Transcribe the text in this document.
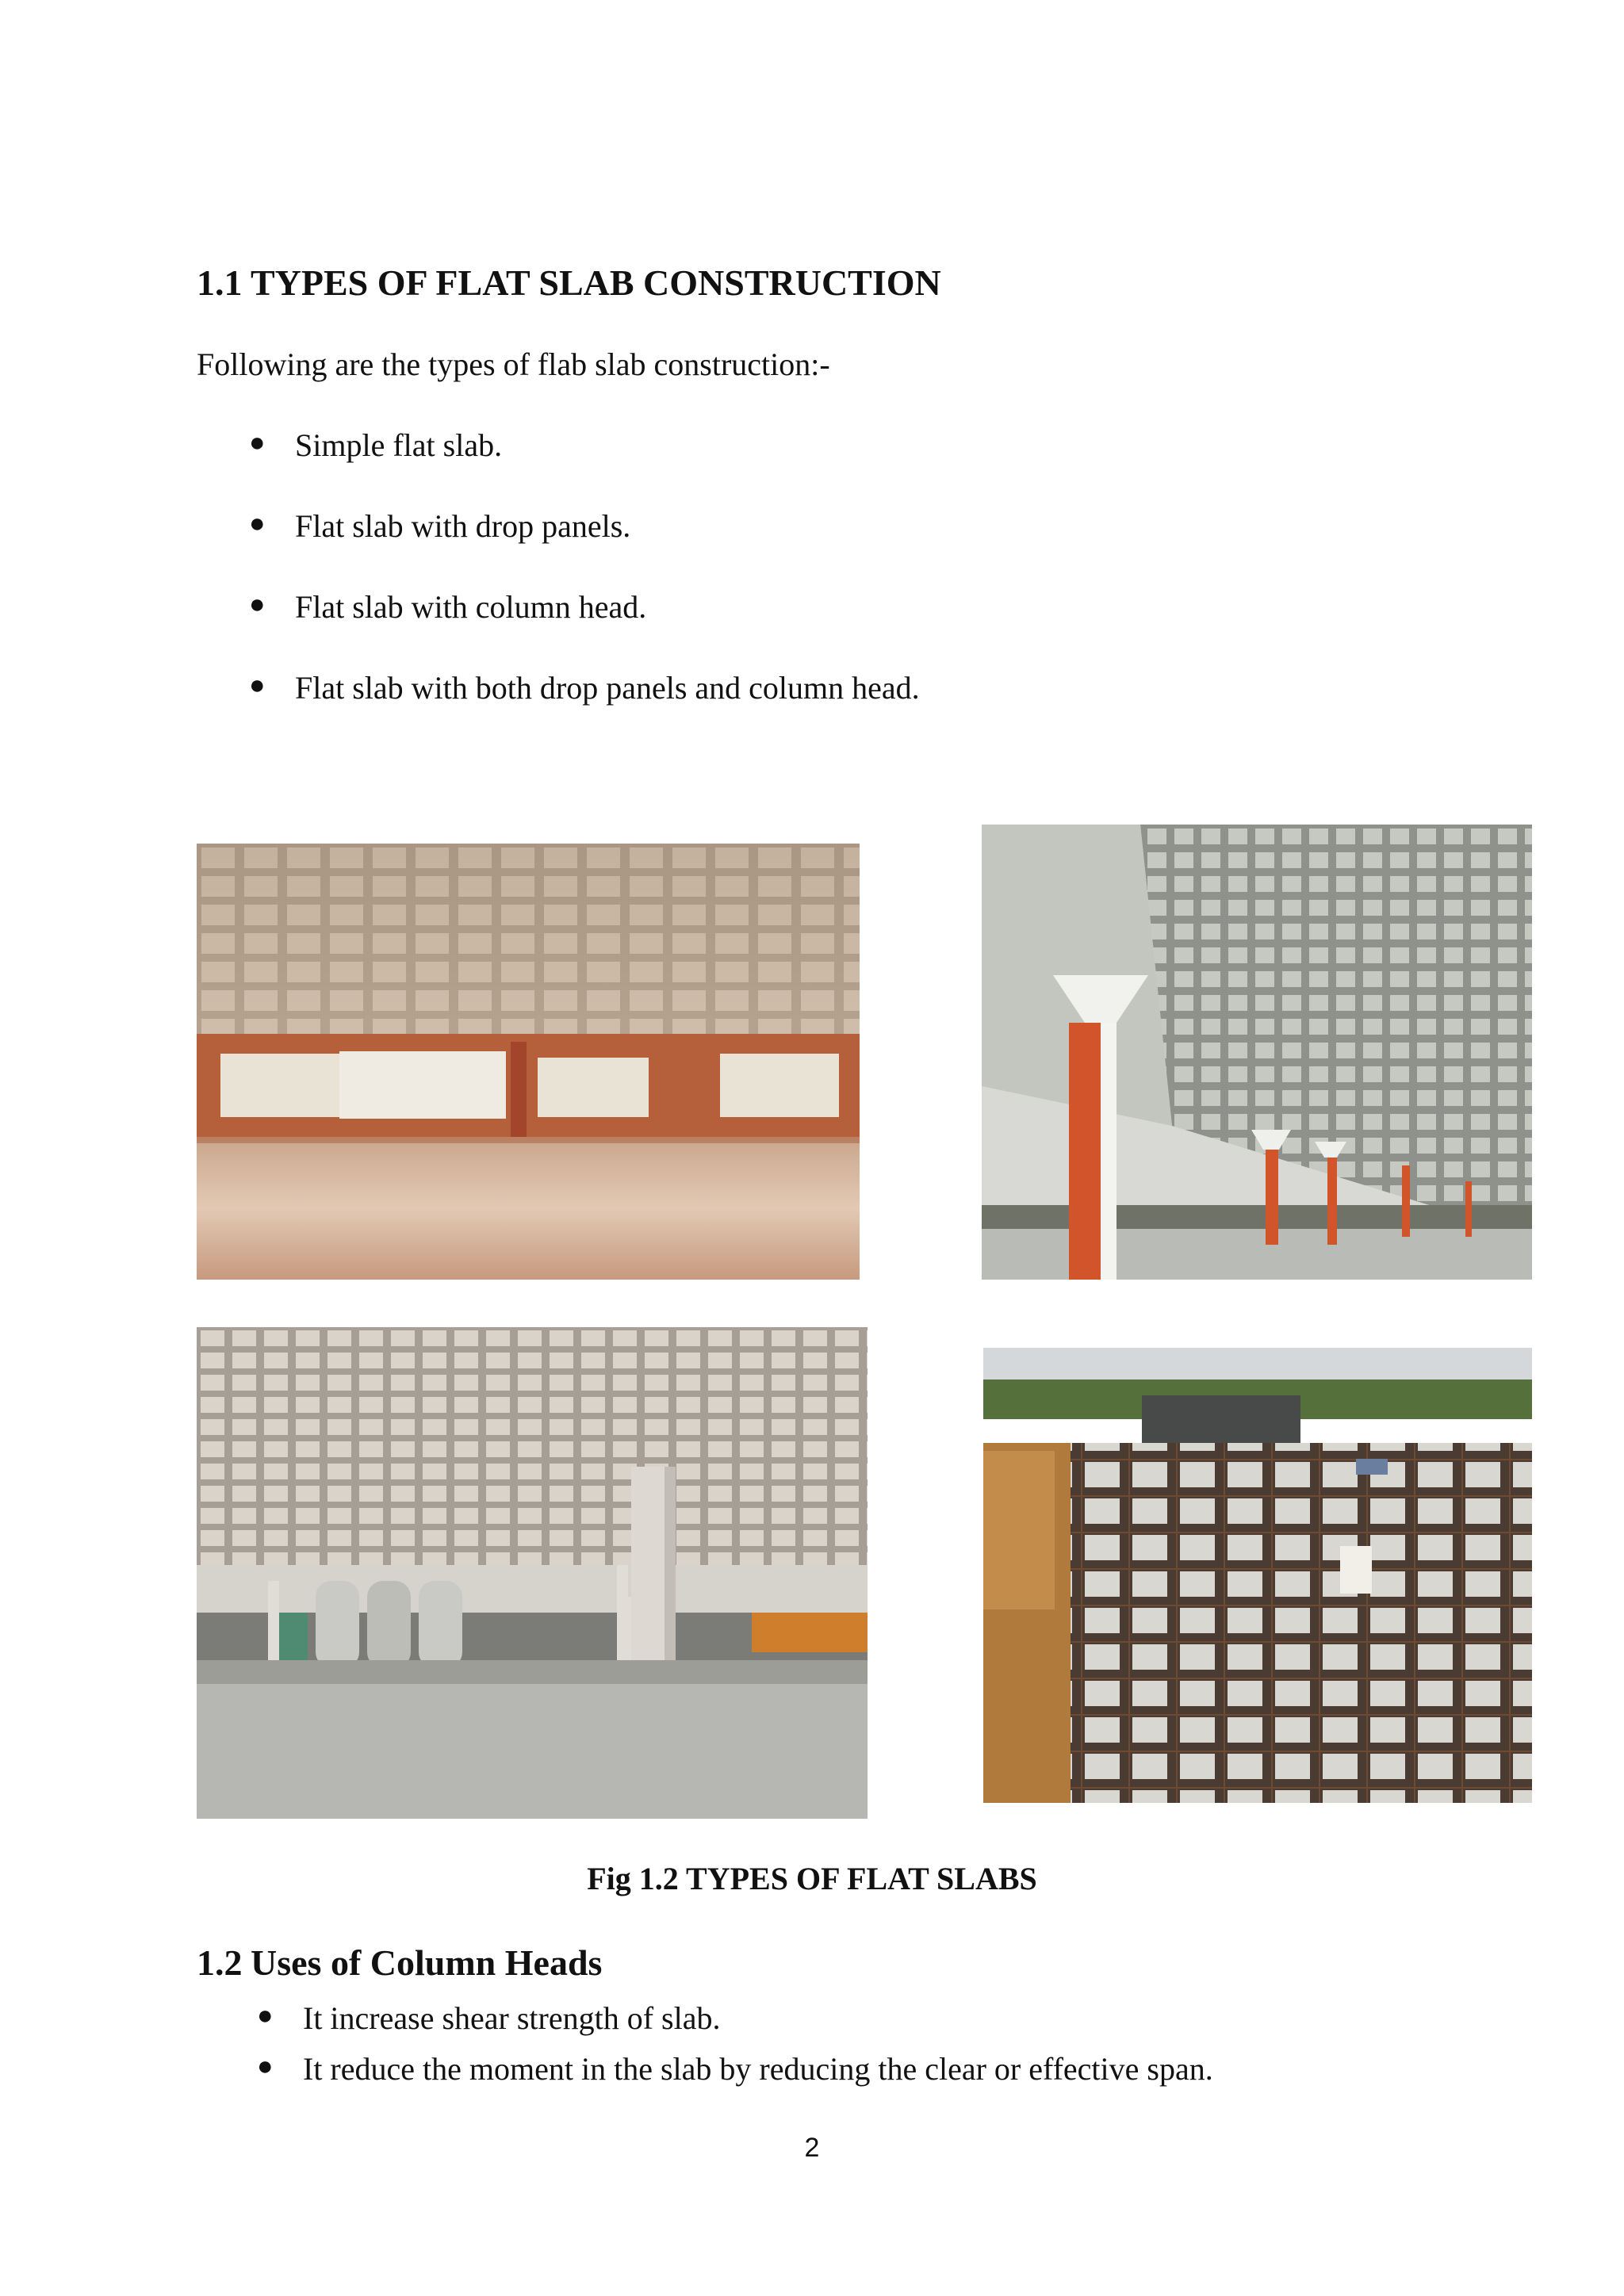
1.1 TYPES OF FLAT SLAB CONSTRUCTION
Following are the types of flab slab construction:-
● Simple flat slab.
● Flat slab with drop panels.
● Flat slab with column head.
● Flat slab with both drop panels and column head.
Fig 1.2 TYPES OF FLAT SLABS
1.2 Uses of Column Heads
● It increase shear strength of slab.
● It reduce the moment in the slab by reducing the clear or effective span.
2
